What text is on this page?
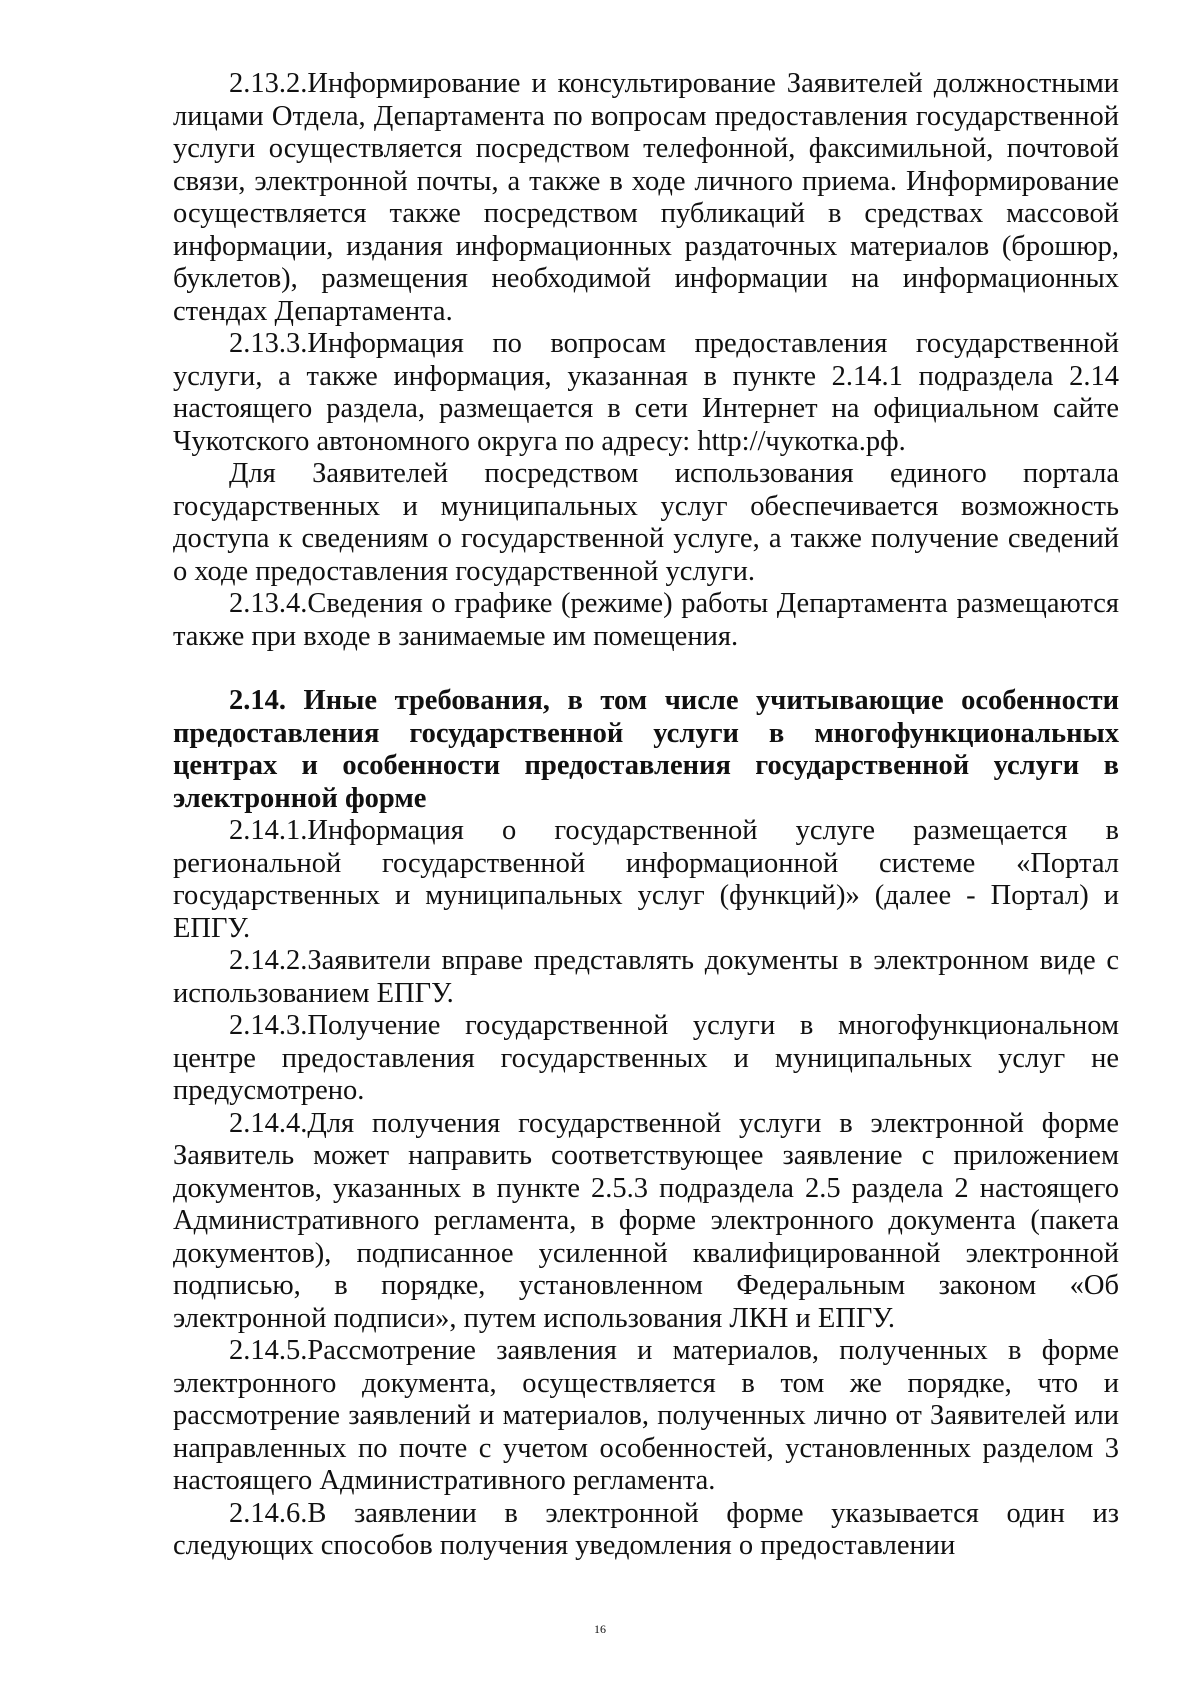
2.13.2.Информирование и консультирование Заявителей должностными лицами Отдела, Департамента по вопросам предоставления государственной услуги осуществляется посредством телефонной, факсимильной, почтовой связи, электронной почты, а также в ходе личного приема. Информирование осуществляется также посредством публикаций в средствах массовой информации, издания информационных раздаточных материалов (брошюр, буклетов), размещения необходимой информации на информационных стендах Департамента.

2.13.3.Информация по вопросам предоставления государственной услуги, а также информация, указанная в пункте 2.14.1 подраздела 2.14 настоящего раздела, размещается в сети Интернет на официальном сайте Чукотского автономного округа по адресу: http://чукотка.рф.

Для Заявителей посредством использования единого портала государственных и муниципальных услуг обеспечивается возможность доступа к сведениям о государственной услуге, а также получение сведений о ходе предоставления государственной услуги.

2.13.4.Сведения о графике (режиме) работы Департамента размещаются также при входе в занимаемые им помещения.

2.14. Иные требования, в том числе учитывающие особенности предоставления государственной услуги в многофункциональных центрах и особенности предоставления государственной услуги в электронной форме

2.14.1.Информация о государственной услуге размещается в региональной государственной информационной системе «Портал государственных и муниципальных услуг (функций)» (далее - Портал) и ЕПГУ.

2.14.2.Заявители вправе представлять документы в электронном виде с использованием ЕПГУ.

2.14.3.Получение государственной услуги в многофункциональном центре предоставления государственных и муниципальных услуг не предусмотрено.

2.14.4.Для получения государственной услуги в электронной форме Заявитель может направить соответствующее заявление с приложением документов, указанных в пункте 2.5.3 подраздела 2.5 раздела 2 настоящего Административного регламента, в форме электронного документа (пакета документов), подписанное усиленной квалифицированной электронной подписью, в порядке, установленном Федеральным законом «Об электронной подписи», путем использования ЛКН и ЕПГУ.

2.14.5.Рассмотрение заявления и материалов, полученных в форме электронного документа, осуществляется в том же порядке, что и рассмотрение заявлений и материалов, полученных лично от Заявителей или направленных по почте с учетом особенностей, установленных разделом 3 настоящего Административного регламента.

2.14.6.В заявлении в электронной форме указывается один из следующих способов получения уведомления о предоставлении

16
